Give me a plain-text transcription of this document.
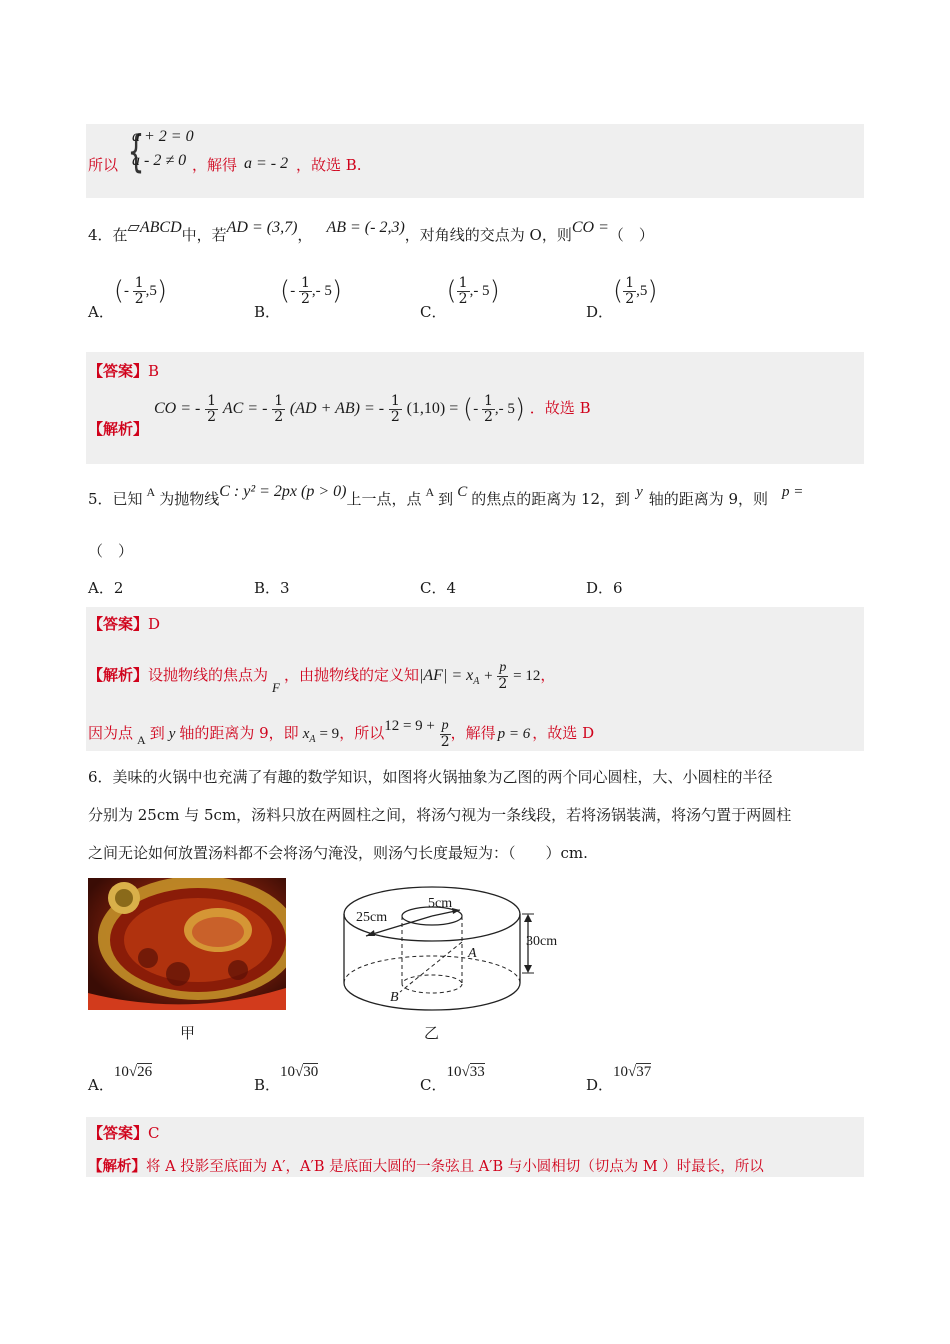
{
a + 2 = 0
a - 2 ≠ 0
所以	，解得 a = - 2 ，故选 B.
4．在▱ABCD中，若AD = (3,7)， AB = (- 2,3)，对角线的交点为 O，则CO =（　）
A．(- $\frac{1}{2} ,5$)
B．(- $\frac{1}{2}$ ,- 5)
C．( $\frac{1}{2}$ ,- 5)
D．( $\frac{1}{2} ,5$)
【答案】B
【解析】
CO = - $\frac{1}{2}$ AC = - $\frac{1}{2} (AD + AB)$ = - $\frac{1}{2} (1,10)$ = (- $\frac{1}{2}$ ,- 5) ．故选 B
5．已知 $^A$ 为抛物线C : y² = 2px (p > 0)上一点，点 $^A$ 到 C 的焦点的距离为 12，到 y 轴的距离为 9，则 p =
（　）
A．2	B．3	C．4	D．6
【答案】D
【解析】设抛物线的焦点为F，由抛物线的定义知$|AF| = x_A + \frac{p}{2} = 12$，
因为点 $_A$ 到 y 轴的距离为 9，即 $x_A = 9$，所以$12 = 9 + \frac{p}{2}$ ，解得 p = 6 ，故选 D
6．美味的火锅中也充满了有趣的数学知识，如图将火锅抽象为乙图的两个同心圆柱，大、小圆柱的半径
分别为 25cm 与 5cm，汤料只放在两圆柱之间，将汤勺视为一条线段，若将汤锅装满，将汤勺置于两圆柱
之间无论如何放置汤料都不会将汤勺淹没，则汤勺长度最短为：（　　）cm.
甲
5cm
25cm
30cm
A
B
乙
A．10√26
B．10√30
C．10√33
D．10√37
【答案】C
【解析】将 A 投影至底面为 A′，A′B 是底面大圆的一条弦且 A′B 与小圆相切（切点为 M ）时最长，所以
